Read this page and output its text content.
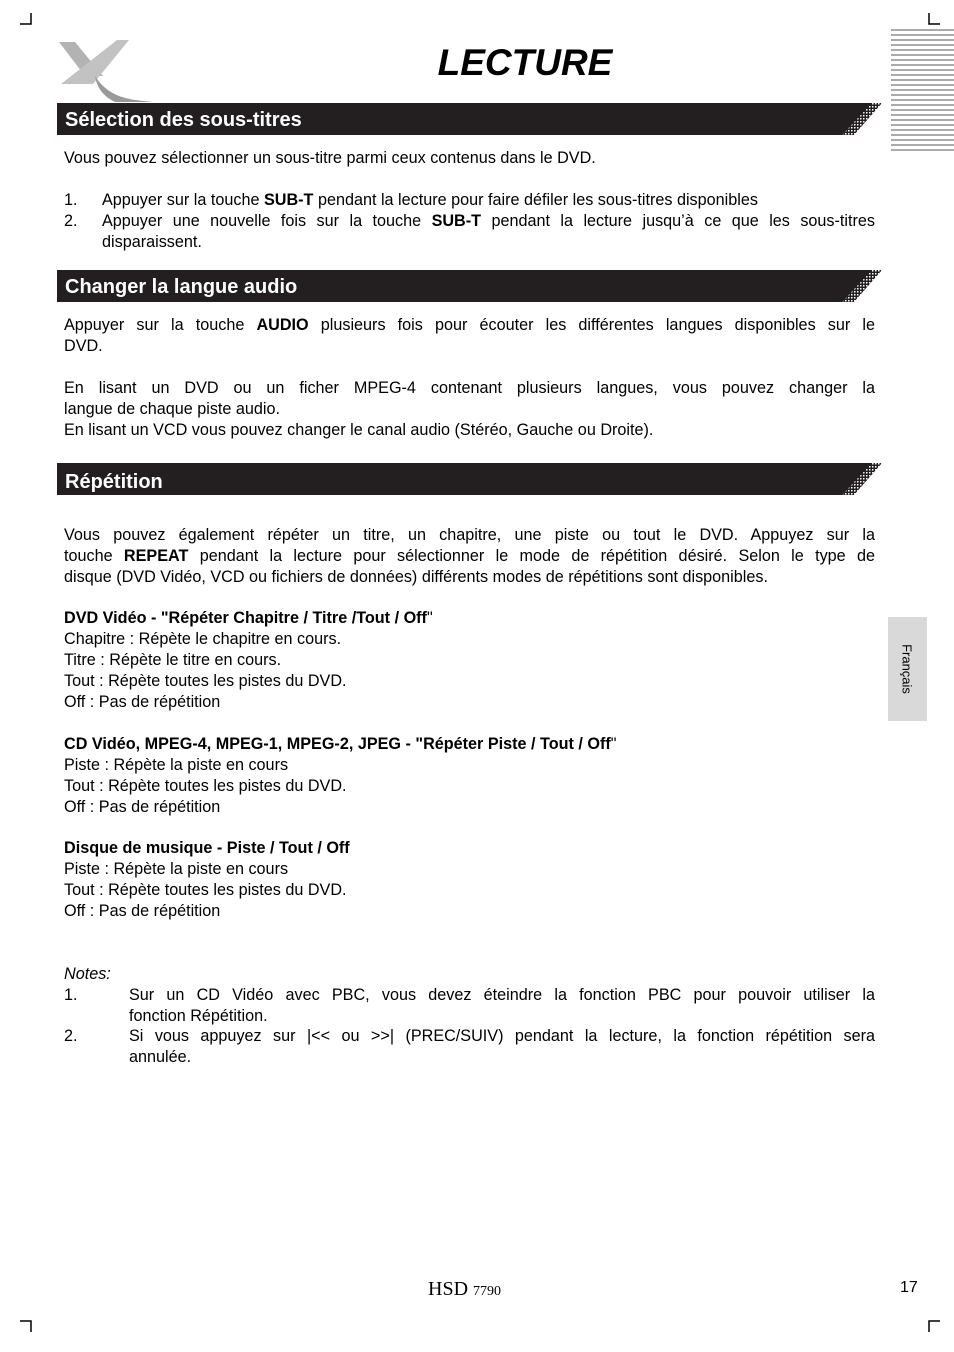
LECTURE
Sélection des sous-titres
Vous pouvez sélectionner un sous-titre parmi ceux contenus dans le DVD.
1. Appuyer sur la touche SUB-T pendant la lecture pour faire défiler les sous-titres disponibles
2. Appuyer une nouvelle fois sur la touche SUB-T pendant la lecture jusqu’à ce que les sous-titres
disparaissent.
Changer la langue audio
Appuyer sur la touche AUDIO plusieurs fois pour écouter les différentes langues disponibles sur le
DVD.
En lisant un DVD ou un ficher MPEG-4 contenant plusieurs langues, vous pouvez changer la
langue de chaque piste audio.
En lisant un VCD vous pouvez changer le canal audio (Stéréo, Gauche ou Droite).
Répétition
Vous pouvez également répéter un titre, un chapitre, une piste ou tout le DVD. Appuyez sur la
touche REPEAT pendant la lecture pour sélectionner le mode de répétition désiré. Selon le type de
disque (DVD Vidéo, VCD ou fichiers de données) différents modes de répétitions sont disponibles.
DVD Vidéo - "Répéter Chapitre / Titre /Tout / Off"
Chapitre : Répète le chapitre en cours.
Titre : Répète le titre en cours.
Tout : Répète toutes les pistes du DVD.
Off : Pas de répétition
CD Vidéo, MPEG-4, MPEG-1, MPEG-2, JPEG - "Répéter Piste / Tout / Off"
Piste : Répète la piste en cours
Tout : Répète toutes les pistes du DVD.
Off : Pas de répétition
Disque de musique - Piste / Tout / Off
Piste : Répète la piste en cours
Tout : Répète toutes les pistes du DVD.
Off : Pas de répétition
Notes:
1.	Sur un CD Vidéo avec PBC, vous devez éteindre la fonction PBC pour pouvoir utiliser la
fonction Répétition.
2.	Si vous appuyez sur |<< ou >>| (PREC/SUIV) pendant la lecture, la fonction répétition sera
annulée.
Français
HSD 7790	17
